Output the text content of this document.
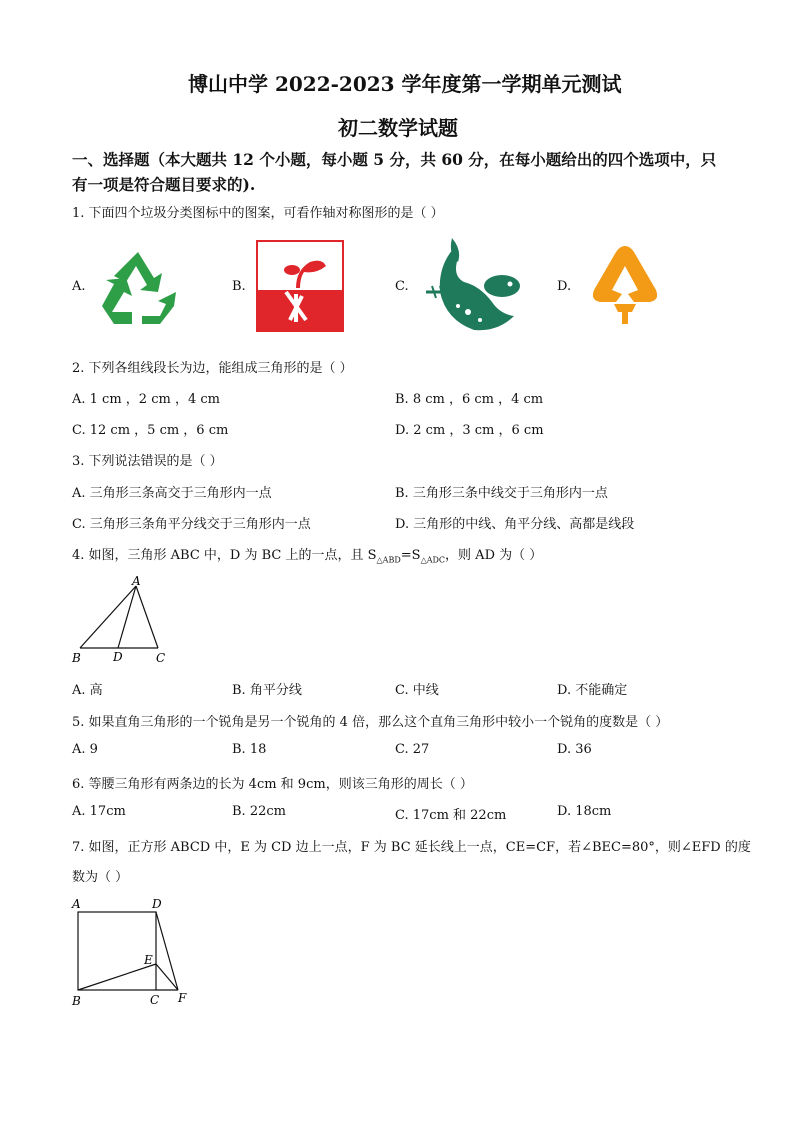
博山中学 2022-2023 学年度第一学期单元测试
初二数学试题
一、选择题（本大题共 12 个小题，每小题 5 分，共 60 分，在每小题给出的四个选项中，只
有一项是符合题目要求的).
1. 下面四个垃圾分类图标中的图案，可看作轴对称图形的是（ ）
A.	B.	C.	D.
2. 下列各组线段长为边，能组成三角形的是（ ）
A. 1 cm ，2 cm ，4 cm	B. 8 cm ，6 cm ，4 cm
C. 12 cm ，5 cm ，6 cm	D. 2 cm ，3 cm ，6 cm
3. 下列说法错误的是（ ）
A. 三角形三条高交于三角形内一点	B. 三角形三条中线交于三角形内一点
C. 三角形三条角平分线交于三角形内一点	D. 三角形的中线、角平分线、高都是线段
4. 如图，三角形 ABC 中，D 为 BC 上的一点，且 $S_{\triangle ABD}=S_{\triangle ADC}$，则 AD 为（ ）
A
B	D	C
A. 高	B. 角平分线	C. 中线	D. 不能确定
5. 如果直角三角形的一个锐角是另一个锐角的 4 倍，那么这个直角三角形中较小一个锐角的度数是（ ）
A. 9	B. 18	C. 27	D. 36
6. 等腰三角形有两条边的长为 4cm 和 9cm，则该三角形的周长（ ）
A. 17cm	B. 22cm	C. 17cm 和 22cm	D. 18cm
7. 如图，正方形 ABCD 中，E 为 CD 边上一点，F 为 BC 延长线上一点，CE=CF，若∠BEC=80°，则∠EFD 的度
数为（ ）
A	D
E
B	C F
